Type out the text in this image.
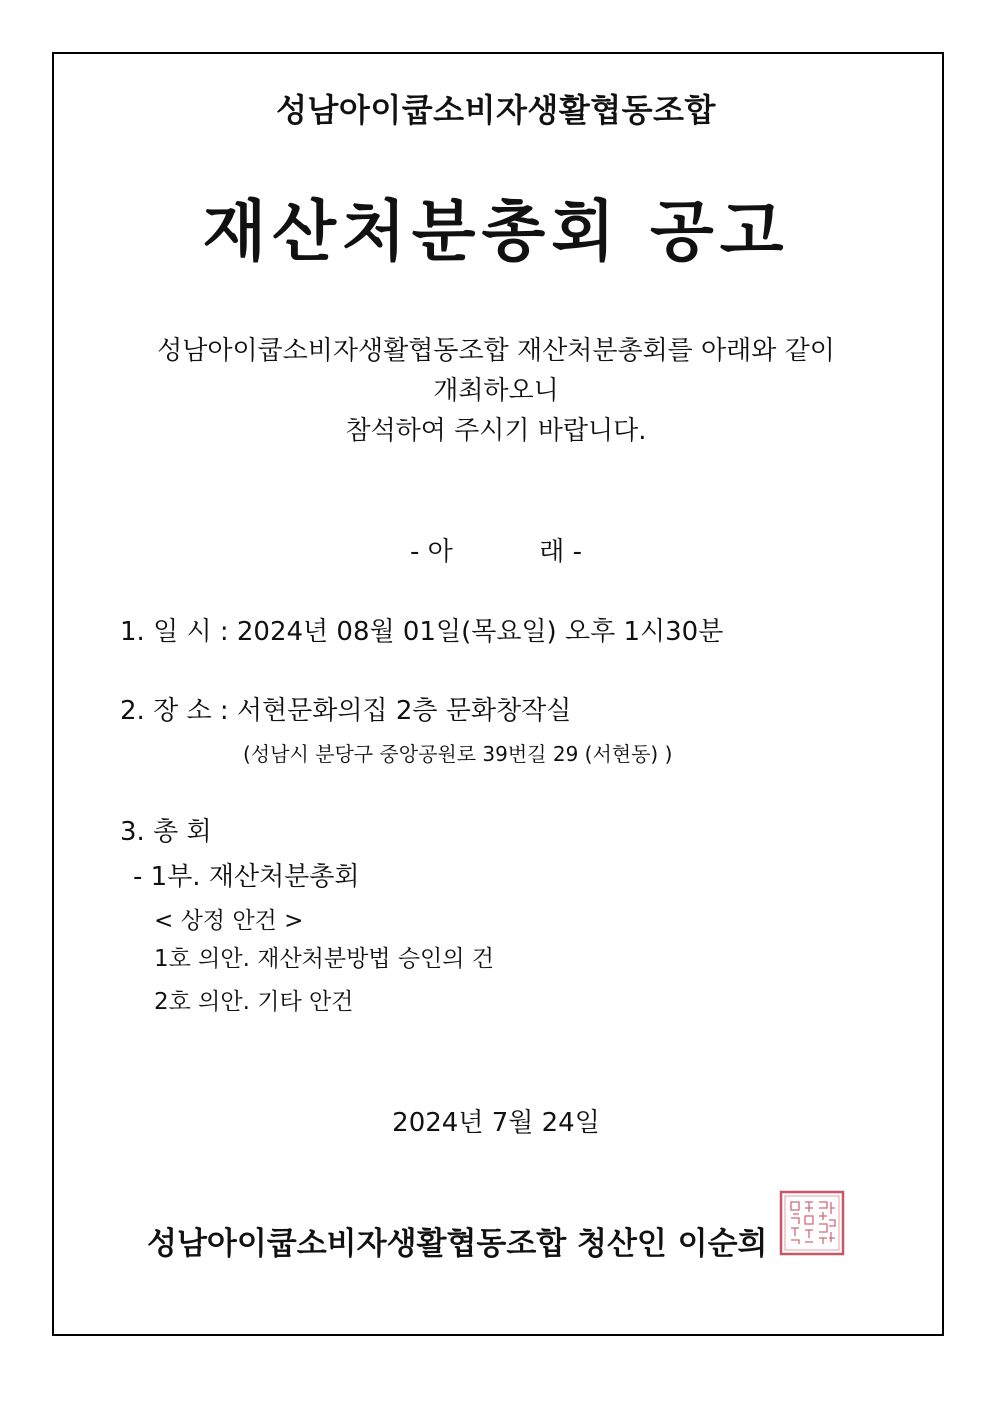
성남아이쿱소비자생활협동조합
재산처분총회 공고
성남아이쿱소비자생활협동조합 재산처분총회를 아래와 같이
개최하오니
참석하여 주시기 바랍니다.
- 아	래 -
1. 일 시 : 2024년 08월 01일(목요일) 오후 1시30분
2. 장 소 : 서현문화의집 2층 문화창작실
(성남시 분당구 중앙공원로 39번길 29 (서현동) )
3. 총 회
- 1부. 재산처분총회
< 상정 안건 >
1호 의안. 재산처분방법 승인의 건
2호 의안. 기타 안건
2024년 7월 24일
성남아이쿱소비자생활협동조합 청산인 이순희
